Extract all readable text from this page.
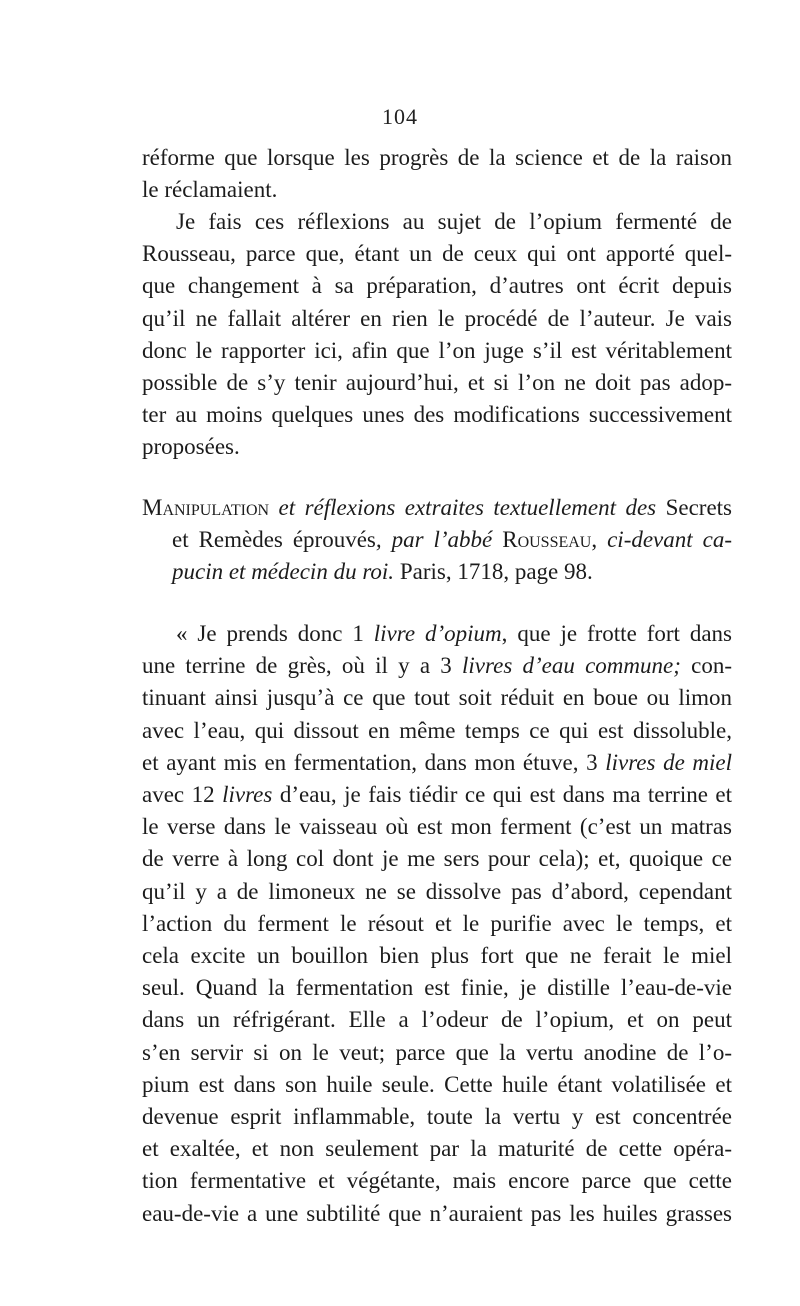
104
réforme que lorsque les progrès de la science et de la raison
le réclamaient.
Je fais ces réflexions au sujet de l’opium fermenté de
Rousseau, parce que, étant un de ceux qui ont apporté quel-
que changement à sa préparation, d’autres ont écrit depuis
qu’il ne fallait altérer en rien le procédé de l’auteur. Je vais
donc le rapporter ici, afin que l’on juge s’il est véritablement
possible de s’y tenir aujourd’hui, et si l’on ne doit pas adop-
ter au moins quelques unes des modifications successivement
proposées.
Manipulation et réflexions extraites textuellement des Secrets
et Remèdes éprouvés, par l’abbé Rousseau, ci-devant ca-
pucin et médecin du roi. Paris, 1718, page 98.
« Je prends donc 1 livre d’opium, que je frotte fort dans
une terrine de grès, où il y a 3 livres d’eau commune; con-
tinuant ainsi jusqu’à ce que tout soit réduit en boue ou limon
avec l’eau, qui dissout en même temps ce qui est dissoluble,
et ayant mis en fermentation, dans mon étuve, 3 livres de miel
avec 12 livres d’eau, je fais tiédir ce qui est dans ma terrine et
le verse dans le vaisseau où est mon ferment (c’est un matras
de verre à long col dont je me sers pour cela); et, quoique ce
qu’il y a de limoneux ne se dissolve pas d’abord, cependant
l’action du ferment le résout et le purifie avec le temps, et
cela excite un bouillon bien plus fort que ne ferait le miel
seul. Quand la fermentation est finie, je distille l’eau-de-vie
dans un réfrigérant. Elle a l’odeur de l’opium, et on peut
s’en servir si on le veut; parce que la vertu anodine de l’o-
pium est dans son huile seule. Cette huile étant volatilisée et
devenue esprit inflammable, toute la vertu y est concentrée
et exaltée, et non seulement par la maturité de cette opéra-
tion fermentative et végétante, mais encore parce que cette
eau-de-vie a une subtilité que n’auraient pas les huiles grasses
